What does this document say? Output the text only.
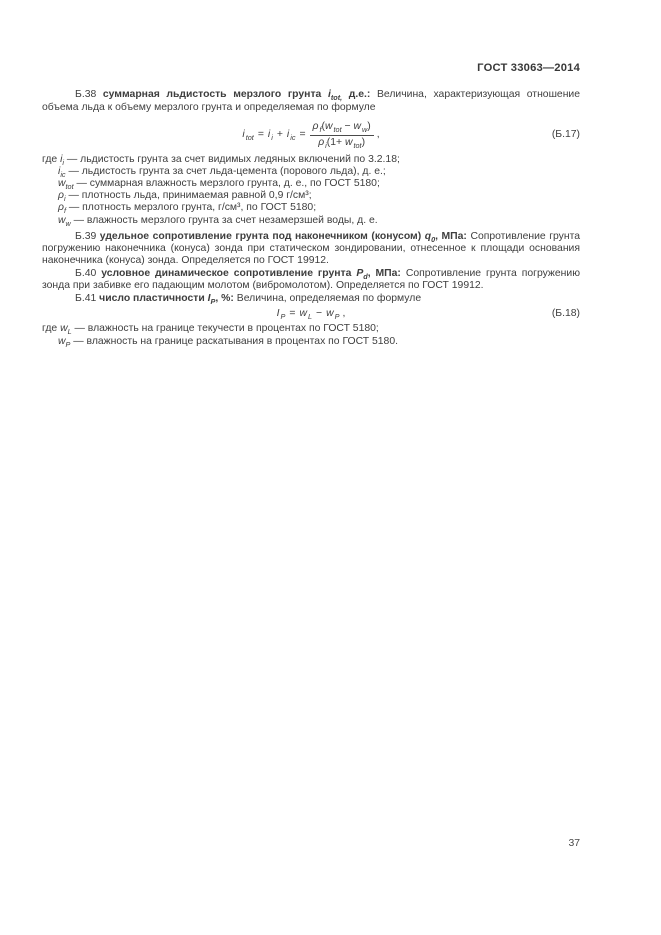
ГОСТ 33063—2014

Б.38 суммарная льдистость мерзлого грунта $i_{tot,}$ д.е.: Величина, характеризующая отношение объема льда к объему мерзлого грунта и определяемая по формуле

$i_{tot} = i_i + i_{ic} = \frac{\rho_f(w_{tot} - w_w)}{\rho_i(1+ w_{tot})}$ ,	(Б.17)
где $i_i$ — льдистость грунта за счет видимых ледяных включений по 3.2.18;
$i_{ic}$ — льдистость грунта за счет льда-цемента (порового льда), д. е.;
$w_{tot}$ — суммарная влажность мерзлого грунта, д. е., по ГОСТ 5180;
$\rho_i$ — плотность льда, принимаемая равной 0,9 г/см³;
$\rho_f$ — плотность мерзлого грунта, г/см³, по ГОСТ 5180;
$w_w$ — влажность мерзлого грунта за счет незамерзшей воды, д. е.

Б.39 удельное сопротивление грунта под наконечником (конусом) $q_0$, МПа: Сопротивление грунта погружению наконечника (конуса) зонда при статическом зондировании, отнесенное к площади основания наконечника (конуса) зонда. Определяется по ГОСТ 19912.

Б.40 условное динамическое сопротивление грунта $P_d$, МПа: Сопротивление грунта погружению зонда при забивке его падающим молотом (вибромолотом). Определяется по ГОСТ 19912.

Б.41 число пластичности $I_P$, %: Величина, определяемая по формуле

$I_P = w_L - w_P$ ,	(Б.18)
где $w_L$ — влажность на границе текучести в процентах по ГОСТ 5180;
$w_P$ — влажность на границе раскатывания в процентах по ГОСТ 5180.
37
